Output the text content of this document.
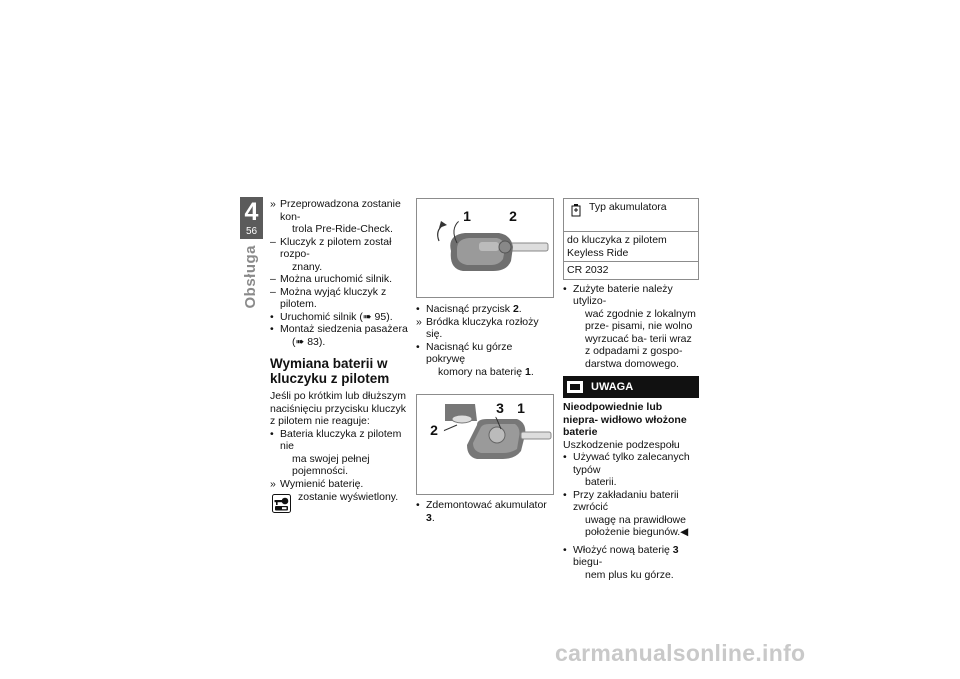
4
56
Obsługa
» Przeprowadzona zostanie kon-
trola Pre-Ride-Check.
– Kluczyk z pilotem został rozpo-
znany.
– Można uruchomić silnik.
– Można wyjąć kluczyk z pilotem.
• Uruchomić silnik (➠ 95).
• Montaż siedzenia pasażera
(➠ 83).
Wymiana baterii w kluczyku z pilotem

Jeśli po krótkim lub dłuższym naciśnięciu przycisku kluczyk z pilotem nie reaguje:

• Bateria kluczyka z pilotem nie
ma swojej pełnej pojemności.
» Wymienić baterię.
zostanie wyświetlony.
1	2
• Nacisnąć przycisk 2.
» Bródka kluczyka rozłoży się.
• Nacisnąć ku górze pokrywę
komory na baterię 1.
3 1
2
• Zdemontować akumulator 3.
Typ akumulatora
do kluczyka z pilotem Keyless Ride
CR 2032
• Zużyte baterie należy utylizo-
wać zgodnie z lokalnym prze- pisami, nie wolno wyrzucać ba- terii wraz z odpadami z gospo- darstwa domowego.
UWAGA
Nieodpowiednie lub niepra- widłowo włożone baterie
Uszkodzenie podzespołu
• Używać tylko zalecanych typów
baterii.
• Przy zakładaniu baterii zwrócić
uwagę na prawidłowe położenie biegunów.◀
• Włożyć nową baterię 3 biegu-
nem plus ku górze.
carmanualsonline.info
